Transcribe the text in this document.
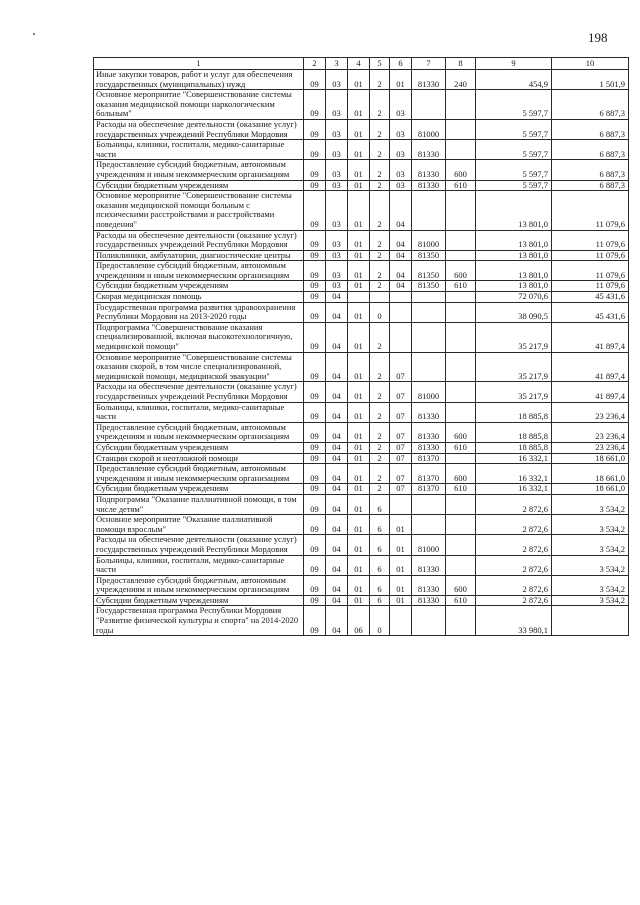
198
1	2	3	4	5	6	7	8	9	10
Иные закупки товаров, работ и услуг для обеспечения государственных (муниципальных) нужд	09	03	01	2	01	81330	240	454,9	1 501,9
Основное мероприятие "Совершенствование системы оказания медицинской помощи наркологическим больным"	09	03	01	2	03			5 597,7	6 887,3
Расходы на обеспечение деятельности (оказание услуг) государственных учреждений Республики Мордовия	09	03	01	2	03	81000		5 597,7	6 887,3
Больницы, клиники, госпитали, медико-санитарные части	09	03	01	2	03	81330		5 597,7	6 887,3
Предоставление субсидий бюджетным, автономным учреждениям и иным некоммерческим организациям	09	03	01	2	03	81330	600	5 597,7	6 887,3
Субсидии бюджетным учреждениям	09	03	01	2	03	81330	610	5 597,7	6 887,3
Основное мероприятие "Совершенствование системы оказания медицинской помощи больным с психическими расстройствами и расстройствами поведения"	09	03	01	2	04			13 801,0	11 079,6
Расходы на обеспечение деятельности (оказание услуг) государственных учреждений Республики Мордовия	09	03	01	2	04	81000		13 801,0	11 079,6
Поликлиники, амбулатории, диагностические центры	09	03	01	2	04	81350		13 801,0	11 079,6
Предоставление субсидий бюджетным, автономным учреждениям и иным некоммерческим организациям	09	03	01	2	04	81350	600	13 801,0	11 079,6
Субсидии бюджетным учреждениям	09	03	01	2	04	81350	610	13 801,0	11 079,6
Скорая медицинская помощь	09	04						72 070,6	45 431,6
Государственная программа развития здравоохранения Республики Мордовия на 2013-2020 годы	09	04	01	0				38 090,5	45 431,6
Подпрограмма "Совершенствование оказания специализированной, включая высокотехнологичную, медицинской помощи"	09	04	01	2				35 217,9	41 897,4
Основное мероприятие "Совершенствование системы оказания скорой, в том числе специализированной, медицинской помощи, медицинской эвакуации"	09	04	01	2	07			35 217,9	41 897,4
Расходы на обеспечение деятельности (оказание услуг) государственных учреждений Республики Мордовия	09	04	01	2	07	81000		35 217,9	41 897,4
Больницы, клиники, госпитали, медико-санитарные части	09	04	01	2	07	81330		18 885,8	23 236,4
Предоставление субсидий бюджетным, автономным учреждениям и иным некоммерческим организациям	09	04	01	2	07	81330	600	18 885,8	23 236,4
Субсидии бюджетным учреждениям	09	04	01	2	07	81330	610	18 885,8	23 236,4
Станции скорой и неотложной помощи	09	04	01	2	07	81370		16 332,1	18 661,0
Предоставление субсидий бюджетным, автономным учреждениям и иным некоммерческим организациям	09	04	01	2	07	81370	600	16 332,1	18 661,0
Субсидии бюджетным учреждениям	09	04	01	2	07	81370	610	16 332,1	18 661,0
Подпрограмма "Оказание паллиативной помощи, в том числе детям"	09	04	01	6				2 872,6	3 534,2
Основное мероприятие "Оказание паллиативной помощи взрослым"	09	04	01	6	01			2 872,6	3 534,2
Расходы на обеспечение деятельности (оказание услуг) государственных учреждений Республики Мордовия	09	04	01	6	01	81000		2 872,6	3 534,2
Больницы, клиники, госпитали, медико-санитарные части	09	04	01	6	01	81330		2 872,6	3 534,2
Предоставление субсидий бюджетным, автономным учреждениям и иным некоммерческим организациям	09	04	01	6	01	81330	600	2 872,6	3 534,2
Субсидии бюджетным учреждениям	09	04	01	6	01	81330	610	2 872,6	3 534,2
Государственная программа Республики Мордовия "Развитие физической культуры и спорта" на 2014-2020 годы	09	04	06	0				33 980,1	
